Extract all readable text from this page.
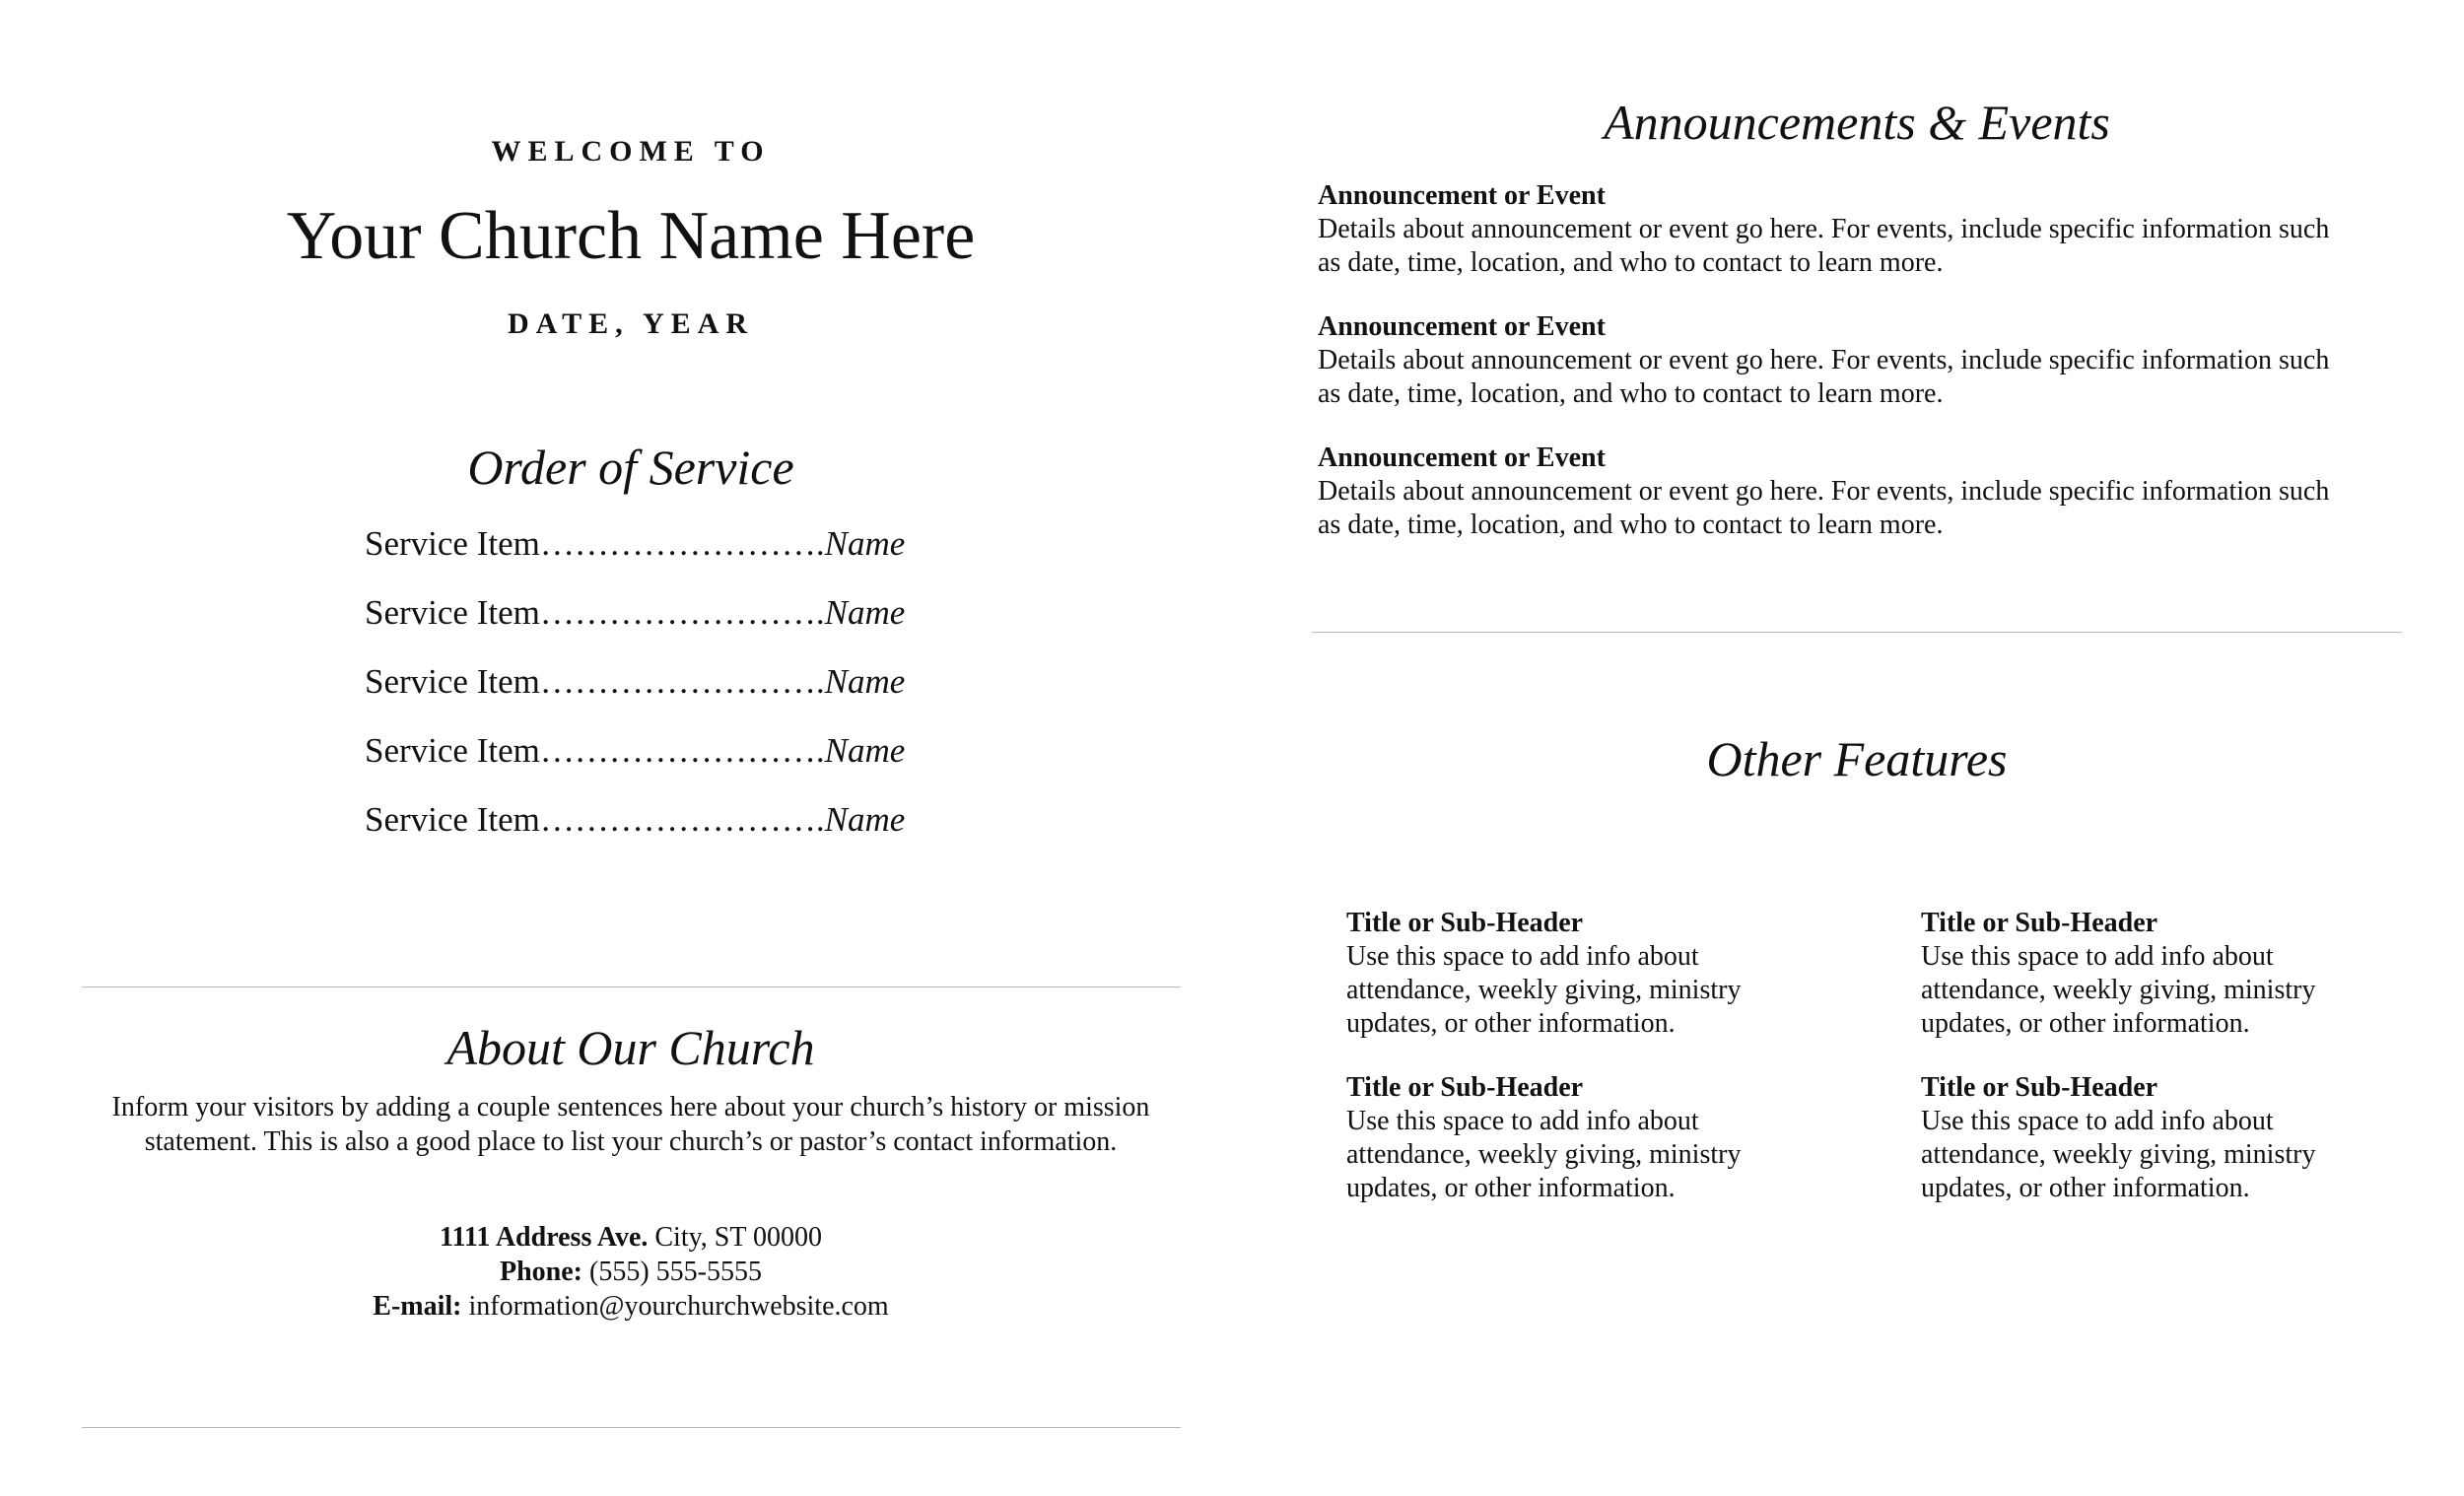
WELCOME TO
Your Church Name Here
DATE, YEAR
Order of Service
Service Item…………………….Name
Service Item…………………….Name
Service Item…………………….Name
Service Item…………………….Name
Service Item…………………….Name
About Our Church
Inform your visitors by adding a couple sentences here about your church’s history or mission statement. This is also a good place to list your church’s or pastor’s contact information.
1111 Address Ave. City, ST 00000
Phone: (555) 555-5555
E-mail: information@yourchurchwebsite.com
Announcements & Events
Announcement or Event
Details about announcement or event go here. For events, include specific information such
as date, time, location, and who to contact to learn more.
Announcement or Event
Details about announcement or event go here. For events, include specific information such
as date, time, location, and who to contact to learn more.
Announcement or Event
Details about announcement or event go here. For events, include specific information such
as date, time, location, and who to contact to learn more.
Other Features
Title or Sub-Header
Use this space to add info about
attendance, weekly giving, ministry
updates, or other information.
Title or Sub-Header
Use this space to add info about
attendance, weekly giving, ministry
updates, or other information.
Title or Sub-Header
Use this space to add info about
attendance, weekly giving, ministry
updates, or other information.
Title or Sub-Header
Use this space to add info about
attendance, weekly giving, ministry
updates, or other information.
